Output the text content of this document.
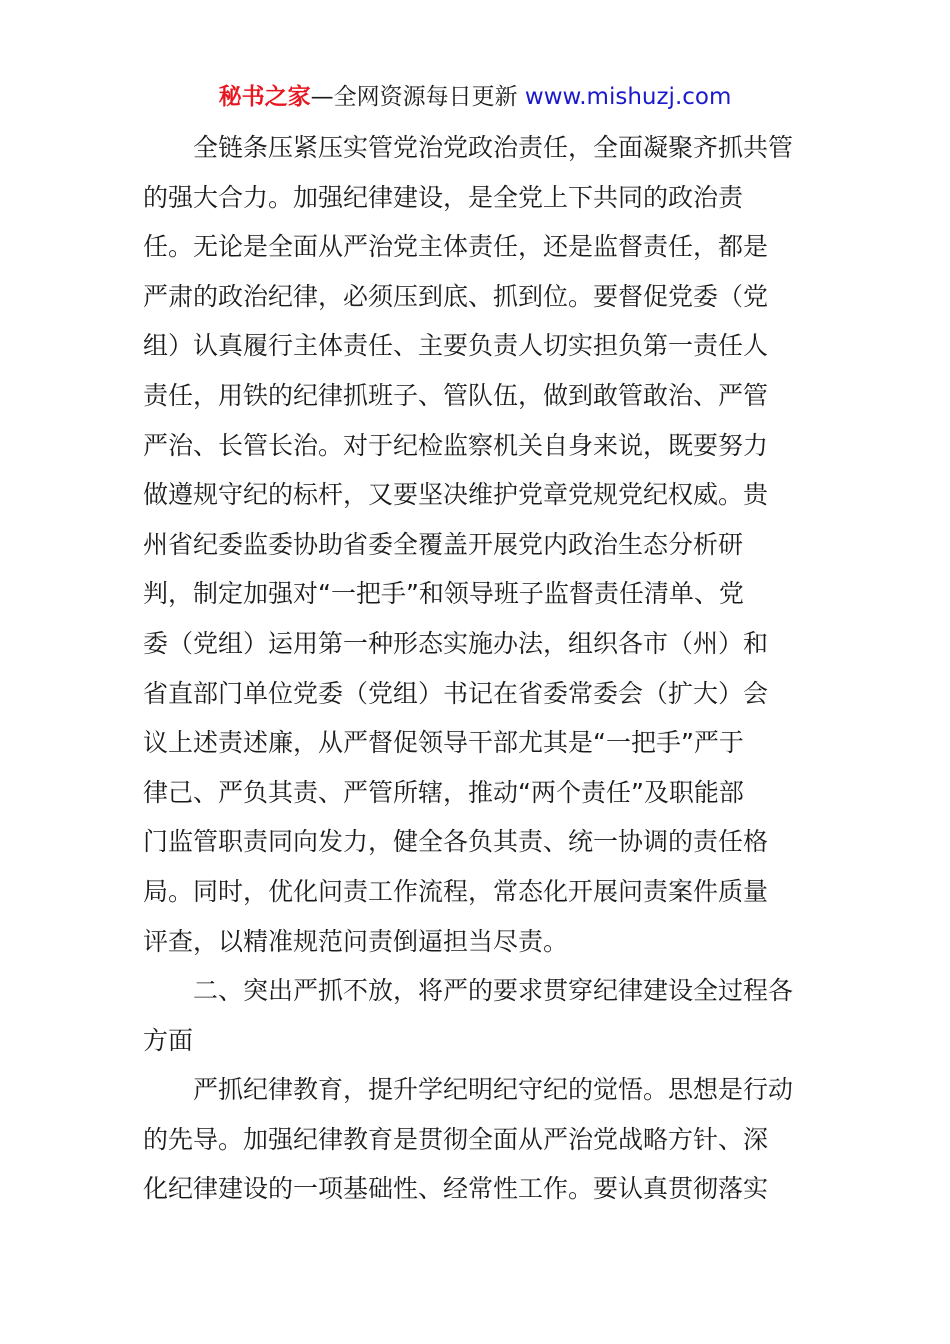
秘书之家—全网资源每日更新 www.mishuzj.com
　　全链条压紧压实管党治党政治责任，全面凝聚齐抓共管
的强大合力。加强纪律建设，是全党上下共同的政治责
任。无论是全面从严治党主体责任，还是监督责任，都是
严肃的政治纪律，必须压到底、抓到位。要督促党委（党
组）认真履行主体责任、主要负责人切实担负第一责任人
责任，用铁的纪律抓班子、管队伍，做到敢管敢治、严管
严治、长管长治。对于纪检监察机关自身来说，既要努力
做遵规守纪的标杆，又要坚决维护党章党规党纪权威。贵
州省纪委监委协助省委全覆盖开展党内政治生态分析研
判，制定加强对“一把手”和领导班子监督责任清单、党
委（党组）运用第一种形态实施办法，组织各市（州）和
省直部门单位党委（党组）书记在省委常委会（扩大）会
议上述责述廉，从严督促领导干部尤其是“一把手”严于
律己、严负其责、严管所辖，推动“两个责任”及职能部
门监管职责同向发力，健全各负其责、统一协调的责任格
局。同时，优化问责工作流程，常态化开展问责案件质量
评查，以精准规范问责倒逼担当尽责。
　　二、突出严抓不放，将严的要求贯穿纪律建设全过程各
方面
　　严抓纪律教育，提升学纪明纪守纪的觉悟。思想是行动
的先导。加强纪律教育是贯彻全面从严治党战略方针、深
化纪律建设的一项基础性、经常性工作。要认真贯彻落实
